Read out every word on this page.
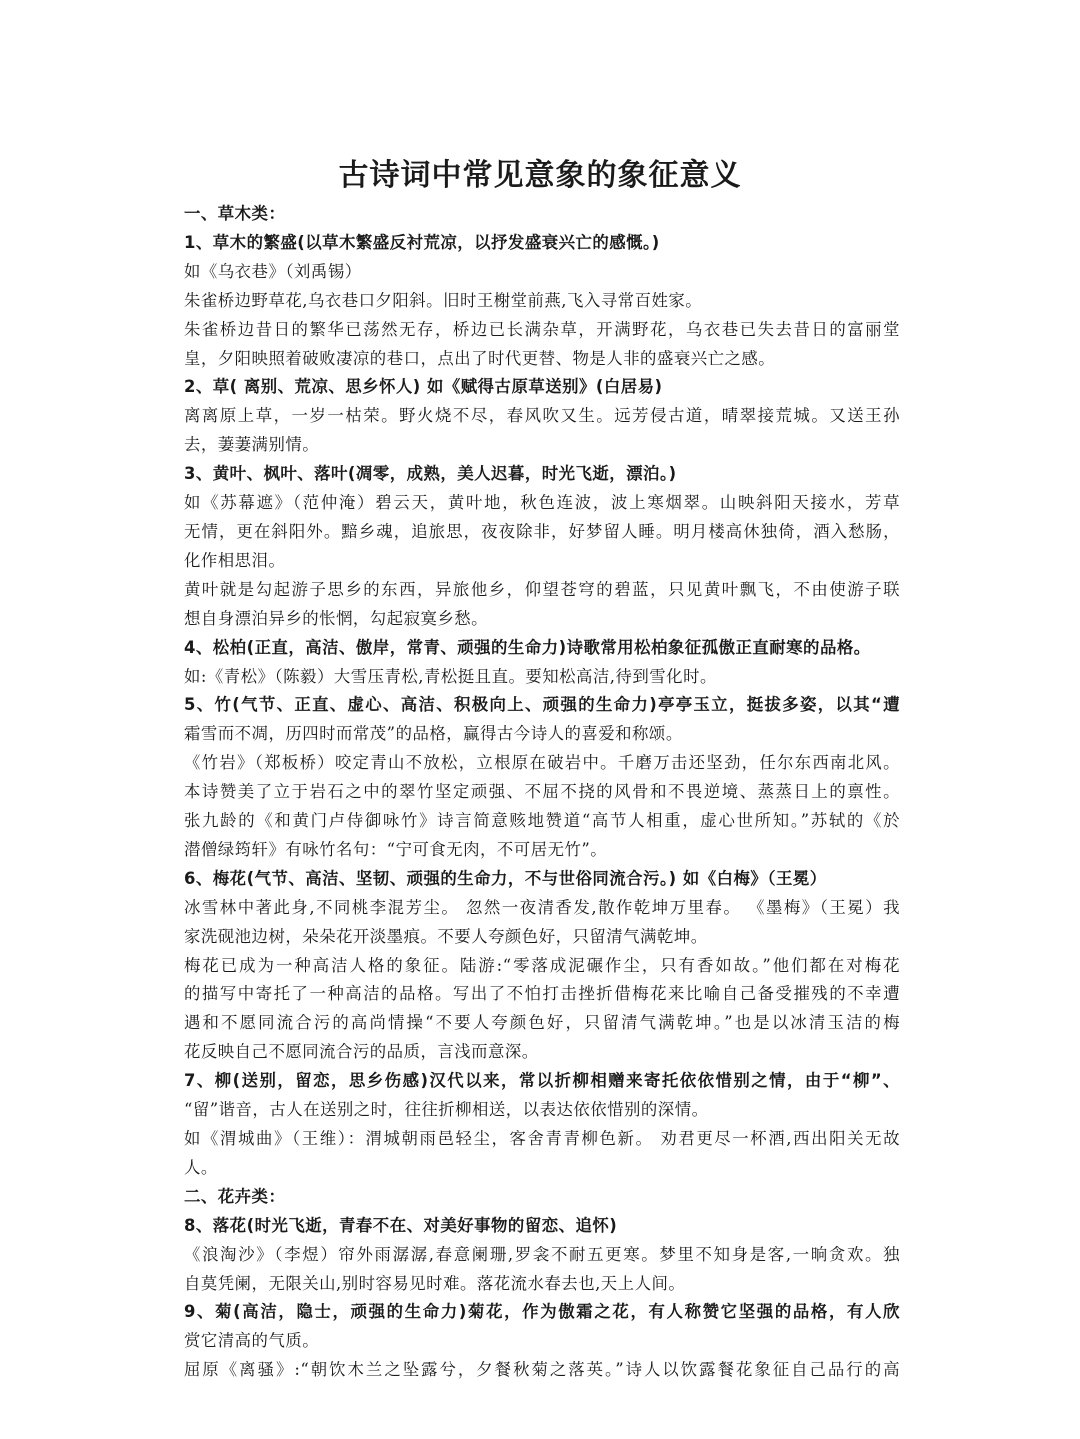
古诗词中常见意象的象征意义
一、草木类：
1、草木的繁盛(以草木繁盛反衬荒凉，以抒发盛衰兴亡的感慨。)
如《乌衣巷》（刘禹锡）
朱雀桥边野草花,乌衣巷口夕阳斜。旧时王榭堂前燕,飞入寻常百姓家。
朱雀桥边昔日的繁华已荡然无存，桥边已长满杂草，开满野花，乌衣巷已失去昔日的富丽堂
皇，夕阳映照着破败凄凉的巷口，点出了时代更替、物是人非的盛衰兴亡之感。
2、草( 离别、荒凉、思乡怀人) 如《赋得古原草送别》(白居易)
离离原上草，一岁一枯荣。野火烧不尽，春风吹又生。远芳侵古道，晴翠接荒城。又送王孙
去，萋萋满别情。
3、黄叶、枫叶、落叶(凋零，成熟，美人迟暮，时光飞逝，漂泊。)
如《苏幕遮》（范仲淹）碧云天，黄叶地，秋色连波，波上寒烟翠。山映斜阳天接水，芳草
无情，更在斜阳外。黯乡魂，追旅思，夜夜除非，好梦留人睡。明月楼高休独倚，酒入愁肠，
化作相思泪。
黄叶就是勾起游子思乡的东西，异旅他乡，仰望苍穹的碧蓝，只见黄叶飘飞，不由使游子联
想自身漂泊异乡的怅惘，勾起寂寞乡愁。
4、松柏(正直，高洁、傲岸，常青、顽强的生命力)诗歌常用松柏象征孤傲正直耐寒的品格。
如:《青松》（陈毅）大雪压青松,青松挺且直。要知松高洁,待到雪化时。
5、竹(气节、正直、虚心、高洁、积极向上、顽强的生命力)亭亭玉立，挺拔多姿，以其“遭
霜雪而不凋，历四时而常茂”的品格，赢得古今诗人的喜爱和称颂。
《竹岩》（郑板桥）咬定青山不放松，立根原在破岩中。千磨万击还坚劲，任尔东西南北风。
本诗赞美了立于岩石之中的翠竹坚定顽强、不屈不挠的风骨和不畏逆境、蒸蒸日上的禀性。
张九龄的《和黄门卢侍御咏竹》诗言简意赅地赞道“高节人相重，虚心世所知。”苏轼的《於
潜僧绿筠轩》有咏竹名句：“宁可食无肉，不可居无竹”。
6、梅花(气节、高洁、坚韧、顽强的生命力，不与世俗同流合污。) 如《白梅》（王冕）
冰雪林中著此身,不同桃李混芳尘。 忽然一夜清香发,散作乾坤万里春。 《墨梅》（王冕）我
家洗砚池边树，朵朵花开淡墨痕。不要人夸颜色好，只留清气满乾坤。
梅花已成为一种高洁人格的象征。陆游:“零落成泥碾作尘，只有香如故。”他们都在对梅花
的描写中寄托了一种高洁的品格。写出了不怕打击挫折借梅花来比喻自己备受摧残的不幸遭
遇和不愿同流合污的高尚情操“不要人夸颜色好，只留清气满乾坤。”也是以冰清玉洁的梅
花反映自己不愿同流合污的品质，言浅而意深。
7、柳(送别，留恋，思乡伤感)汉代以来，常以折柳相赠来寄托依依惜别之情，由于“柳”、
“留”谐音，古人在送别之时，往往折柳相送，以表达依依惜别的深情。
如《渭城曲》（王维）：渭城朝雨邑轻尘，客舍青青柳色新。 劝君更尽一杯酒,西出阳关无故
人。
二、花卉类：
8、落花(时光飞逝，青春不在、对美好事物的留恋、追怀)
《浪淘沙》（李煜）帘外雨潺潺,春意阑珊,罗衾不耐五更寒。梦里不知身是客,一晌贪欢。独
自莫凭阑，无限关山,别时容易见时难。落花流水春去也,天上人间。
9、菊(高洁，隐士，顽强的生命力)菊花，作为傲霜之花，有人称赞它坚强的品格，有人欣
赏它清高的气质。
屈原《离骚》:“朝饮木兰之坠露兮，夕餐秋菊之落英。”诗人以饮露餐花象征自己品行的高
